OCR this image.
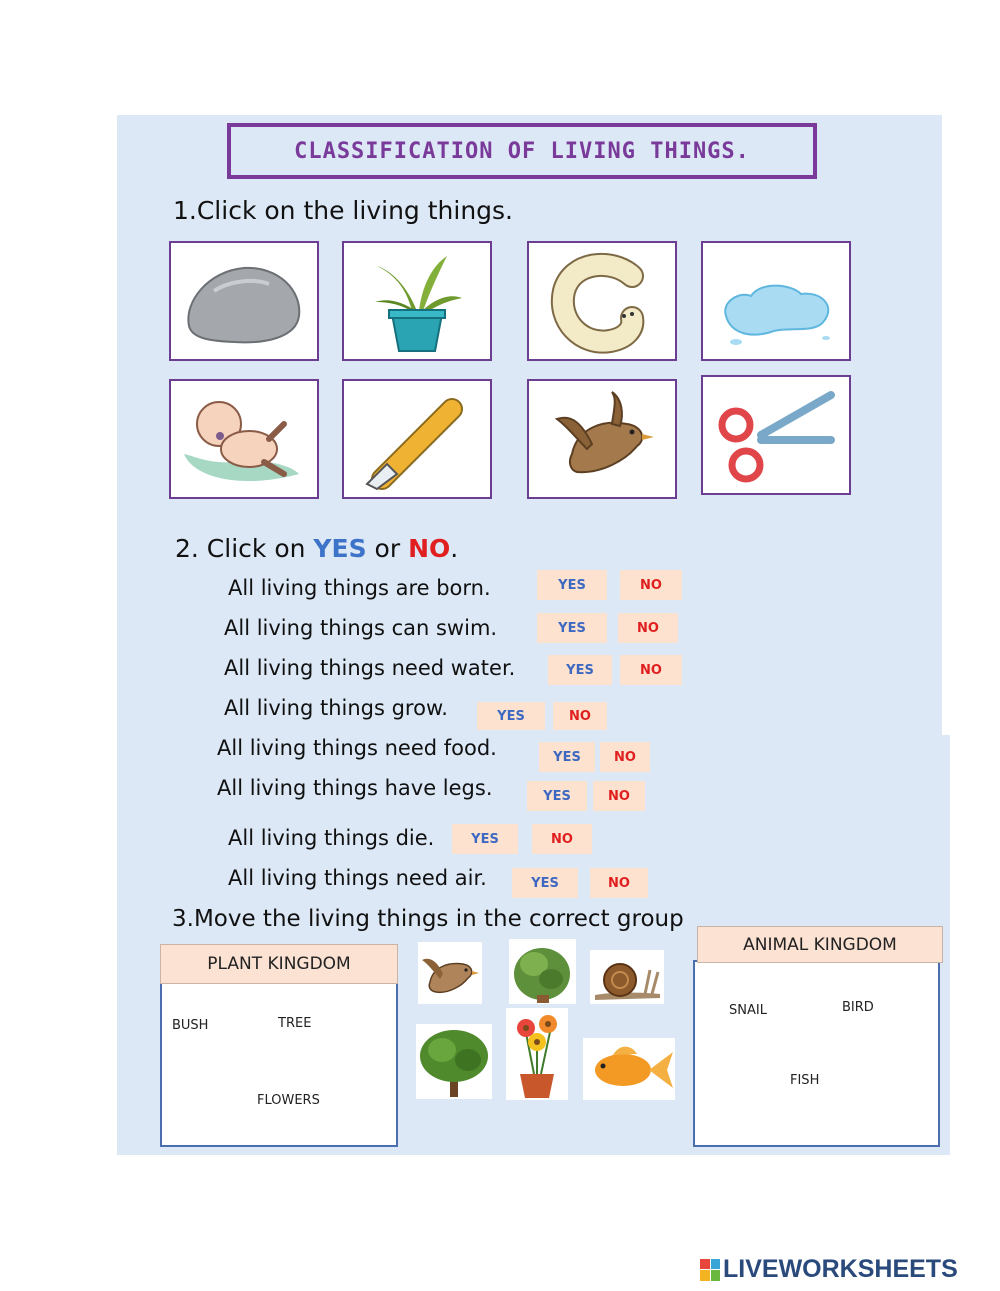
CLASSIFICATION OF LIVING THINGS.
1.Click on the living things.
2. Click on YES or NO.
All living things are born.	YES	NO
All living things can swim.	YES	NO
All living things need water.	YES	NO
All living things grow.	YES	NO
All living things need food.	YES	NO
All living things have legs.	YES	NO
All living things die.	YES	NO
All living things need air.	YES	NO
3.Move the living things in the correct group
PLANT KINGDOM
BUSH	TREE
FLOWERS
ANIMAL KINGDOM
SNAIL	BIRD
FISH
LIVEWORKSHEETS
